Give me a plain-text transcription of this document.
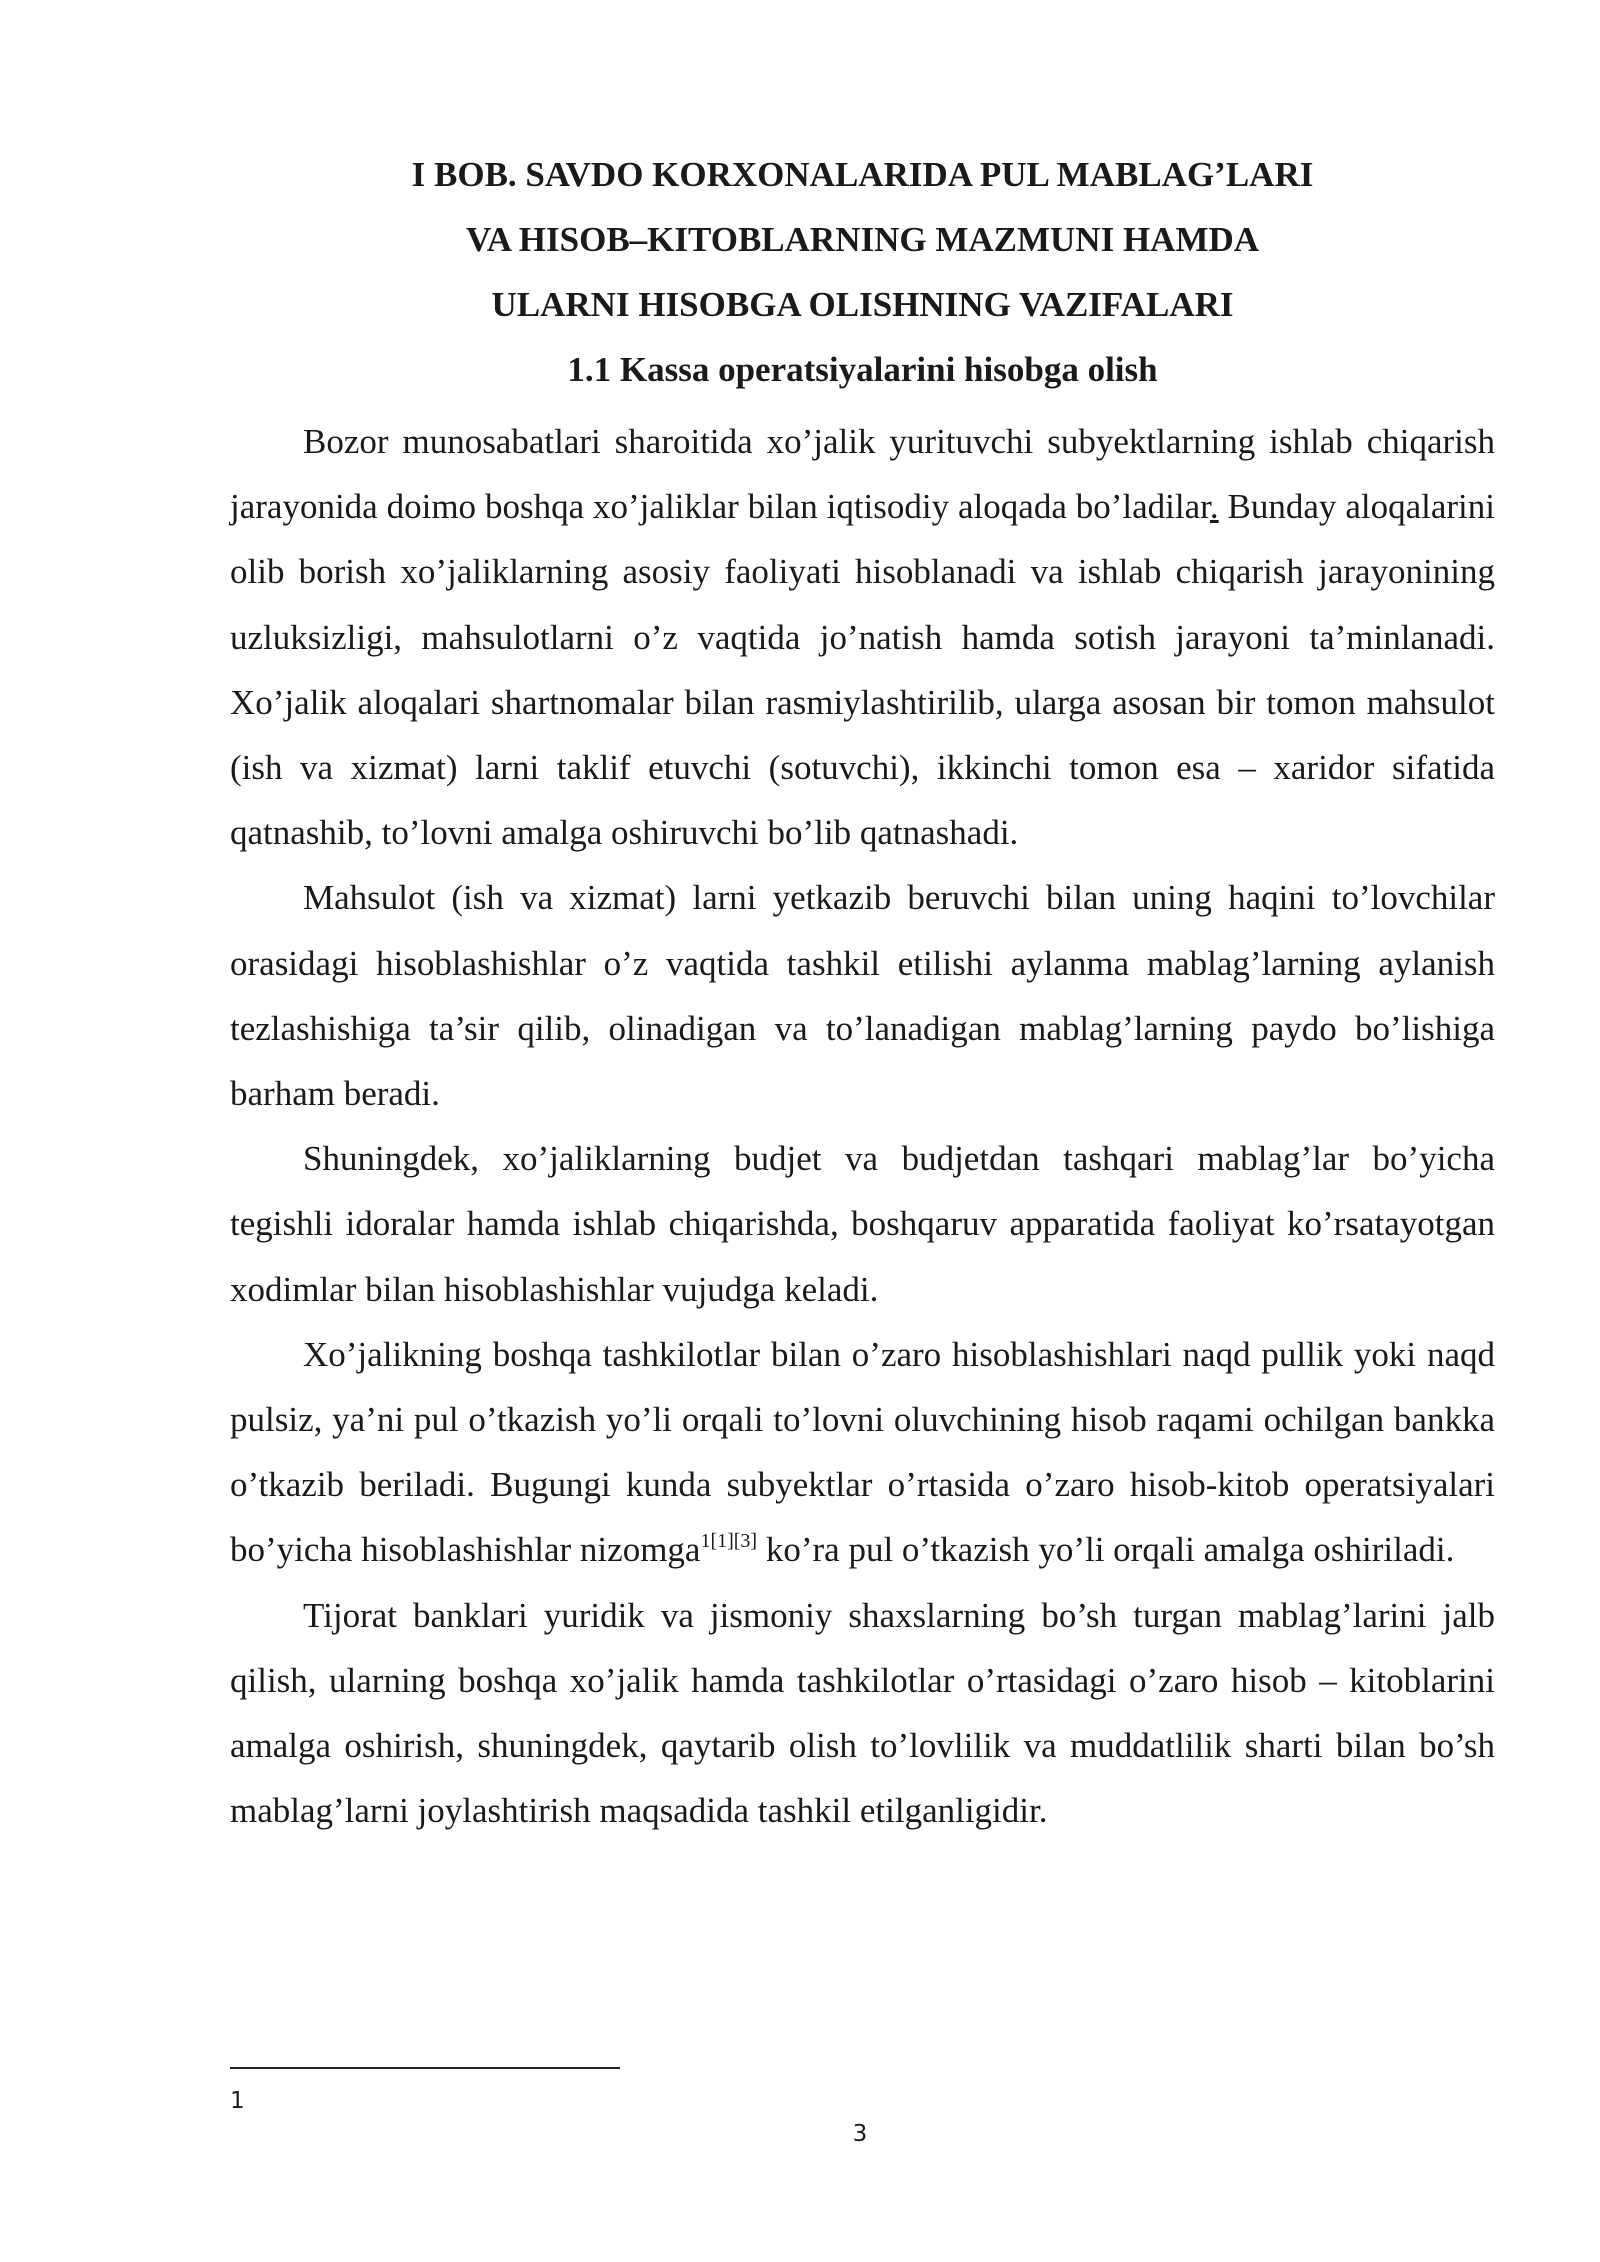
I BOB. SAVDO KORXONALARIDA PUL MABLAG’LARI
VA HISOB–KITOBLARNING MAZMUNI HAMDA
ULARNI HISOBGA OLISHNING VAZIFALARI
1.1 Kassa operatsiyalarini hisobga olish

Bozor munosabatlari sharoitida xo’jalik yurituvchi subyektlarning ishlab chiqarish jarayonida doimo boshqa xo’jaliklar bilan iqtisodiy aloqada bo’ladilar. Bunday aloqalarini olib borish xo’jaliklarning asosiy faoliyati hisoblanadi va ishlab chiqarish jarayonining uzluksizligi, mahsulotlarni o’z vaqtida jo’natish hamda sotish jarayoni ta’minlanadi. Xo’jalik aloqalari shartnomalar bilan rasmiylashtirilib, ularga asosan bir tomon mahsulot (ish va xizmat) larni taklif etuvchi (sotuvchi), ikkinchi tomon esa – xaridor sifatida qatnashib, to’lovni amalga oshiruvchi bo’lib qatnashadi.

Mahsulot (ish va xizmat) larni yetkazib beruvchi bilan uning haqini to’lovchilar orasidagi hisoblashishlar o’z vaqtida tashkil etilishi aylanma mablag’larning aylanish tezlashishiga ta’sir qilib, olinadigan va to’lanadigan mablag’larning paydo bo’lishiga barham beradi.

Shuningdek, xo’jaliklarning budjet va budjetdan tashqari mablag’lar bo’yicha tegishli idoralar hamda ishlab chiqarishda, boshqaruv apparatida faoliyat ko’rsatayotgan xodimlar bilan hisoblashishlar vujudga keladi.

Xo’jalikning boshqa tashkilotlar bilan o’zaro hisoblashishlari naqd pullik yoki naqd pulsiz, ya’ni pul o’tkazish yo’li orqali to’lovni oluvchining hisob raqami ochilgan bankka o’tkazib beriladi. Bugungi kunda subyektlar o’rtasida o’zaro hisob-kitob operatsiyalari bo’yicha hisoblashishlar nizomga$^{1[1][3]}$ ko’ra pul o’tkazish yo’li orqali amalga oshiriladi.

Tijorat banklari yuridik va jismoniy shaxslarning bo’sh turgan mablag’larini jalb qilish, ularning boshqa xo’jalik hamda tashkilotlar o’rtasidagi o’zaro hisob – kitoblarini amalga oshirish, shuningdek, qaytarib olish to’lovlilik va muddatlilik sharti bilan bo’sh mablag’larni joylashtirish maqsadida tashkil etilganligidir.

1
3
